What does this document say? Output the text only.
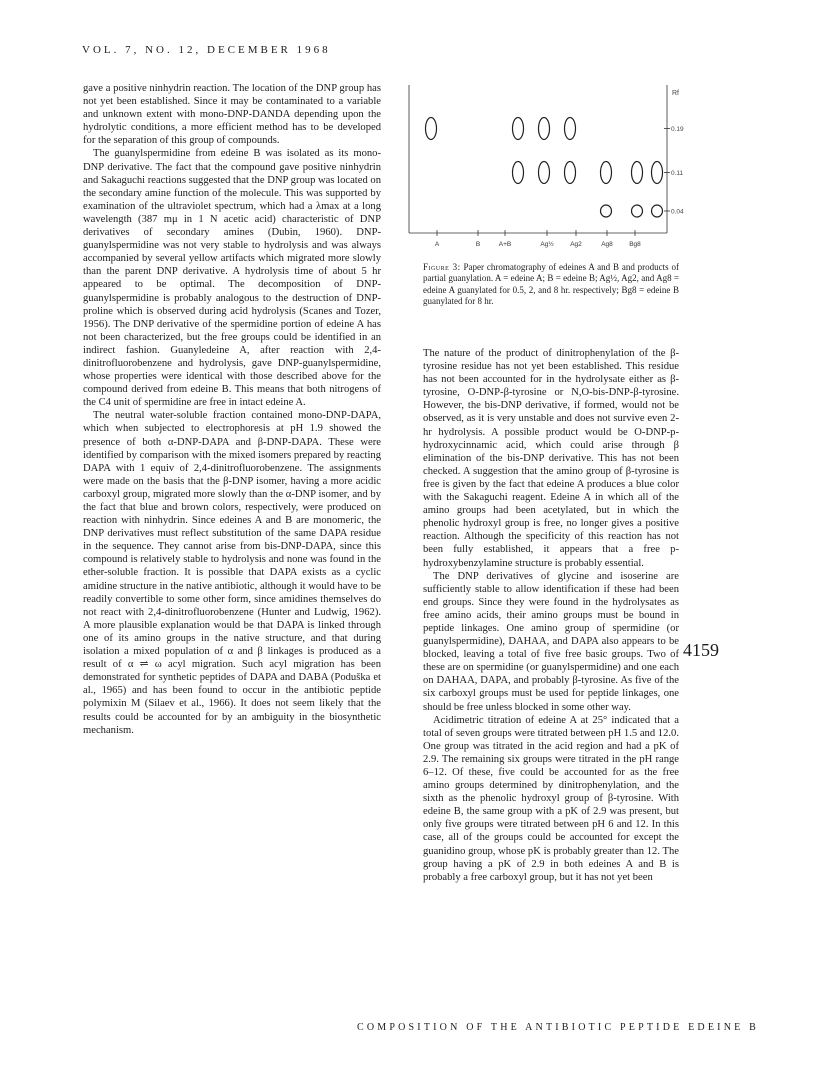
VOL. 7, NO. 12, DECEMBER 1968

gave a positive ninhydrin reaction. The location of the DNP group has not yet been established. Since it may be contaminated to a variable and unknown extent with mono-DNP-DANDA depending upon the hydrolytic conditions, a more efficient method has to be developed for the separation of this group of compounds.

The guanylspermidine from edeine B was isolated as its mono-DNP derivative. The fact that the compound gave positive ninhydrin and Sakaguchi reactions suggested that the DNP group was located on the secondary amine function of the molecule. This was supported by examination of the ultraviolet spectrum, which had a λmax at a long wavelength (387 mμ in 1 N acetic acid) characteristic of DNP derivatives of secondary amines (Dubin, 1960). DNP-guanylspermidine was not very stable to hydrolysis and was always accompanied by several yellow artifacts which migrated more slowly than the parent DNP derivative. A hydrolysis time of about 5 hr appeared to be optimal. The decomposition of DNP-guanylspermidine is probably analogous to the destruction of DNP-proline which is observed during acid hydrolysis (Scanes and Tozer, 1956). The DNP derivative of the spermidine portion of edeine A has not been characterized, but the free groups could be identified in an indirect fashion. Guanyledeine A, after reaction with 2,4-dinitrofluorobenzene and hydrolysis, gave DNP-guanylspermidine, whose properties were identical with those described above for the compound derived from edeine B. This means that both nitrogens of the C4 unit of spermidine are free in intact edeine A.

The neutral water-soluble fraction contained mono-DNP-DAPA, which when subjected to electrophoresis at pH 1.9 showed the presence of both α-DNP-DAPA and β-DNP-DAPA. These were identified by comparison with the mixed isomers prepared by reacting DAPA with 1 equiv of 2,4-dinitrofluorobenzene. The assignments were made on the basis that the β-DNP isomer, having a more acidic carboxyl group, migrated more slowly than the α-DNP isomer, and by the fact that blue and brown colors, respectively, were produced on reaction with ninhydrin. Since edeines A and B are monomeric, the DNP derivatives must reflect substitution of the same DAPA residue in the sequence. They cannot arise from bis-DNP-DAPA, since this compound is relatively stable to hydrolysis and none was found in the ether-soluble fraction. It is possible that DAPA exists as a cyclic amidine structure in the native antibiotic, although it would have to be readily convertible to some other form, since amidines themselves do not react with 2,4-dinitrofluorobenzene (Hunter and Ludwig, 1962). A more plausible explanation would be that DAPA is linked through one of its amino groups in the native structure, and that during isolation a mixed population of α and β linkages is produced as a result of α ⇌ ω acyl migration. Such acyl migration has been demonstrated for synthetic peptides of DAPA and DABA (Poduška et al., 1965) and has been found to occur in the antibiotic peptide polymixin M (Silaev et al., 1966). It does not seem likely that the results could be accounted for by an ambiguity in the biosynthetic mechanism.

0.19
0.11
0.04
Rf
A	B	A+B	Ag½	Ag2	Ag8	Bg8
Figure 3: Paper chromatography of edeines A and B and products of partial guanylation. A = edeine A; B = edeine B; Ag½, Ag2, and Ag8 = edeine A guanylated for 0.5, 2, and 8 hr. respectively; Bg8 = edeine B guanylated for 8 hr.

The nature of the product of dinitrophenylation of the β-tyrosine residue has not yet been established. This residue has not been accounted for in the hydrolysate either as β-tyrosine, O-DNP-β-tyrosine or N,O-bis-DNP-β-tyrosine. However, the bis-DNP derivative, if formed, would not be observed, as it is very unstable and does not survive even 2-hr hydrolysis. A possible product would be O-DNP-p-hydroxycinnamic acid, which could arise through β elimination of the bis-DNP derivative. This has not been checked. A suggestion that the amino group of β-tyrosine is free is given by the fact that edeine A produces a blue color with the Sakaguchi reagent. Edeine A in which all of the amino groups had been acetylated, but in which the phenolic hydroxyl group is free, no longer gives a positive reaction. Although the specificity of this reaction has not been fully established, it appears that a free p-hydroxybenzylamine structure is probably essential.

The DNP derivatives of glycine and isoserine are sufficiently stable to allow identification if these had been end groups. Since they were found in the hydrolysates as free amino acids, their amino groups must be bound in peptide linkages. One amino group of spermidine (or guanylspermidine), DAHAA, and DAPA also appears to be blocked, leaving a total of five free basic groups. Two of these are on spermidine (or guanylspermidine) and one each on DAHAA, DAPA, and probably β-tyrosine. As five of the six carboxyl groups must be used for peptide linkages, one should be free unless blocked in some other way.

Acidimetric titration of edeine A at 25° indicated that a total of seven groups were titrated between pH 1.5 and 12.0. One group was titrated in the acid region and had a pK of 2.9. The remaining six groups were titrated in the pH range 6–12. Of these, five could be accounted for as the free amino groups determined by dinitrophenylation, and the sixth as the phenolic hydroxyl group of β-tyrosine. With edeine B, the same group with a pK of 2.9 was present, but only five groups were titrated between pH 6 and 12. In this case, all of the groups could be accounted for except the guanidino group, whose pK is probably greater than 12. The group having a pK of 2.9 in both edeines A and B is probably a free carboxyl group, but it has not yet been

4159
COMPOSITION OF THE ANTIBIOTIC PEPTIDE EDEINE B
